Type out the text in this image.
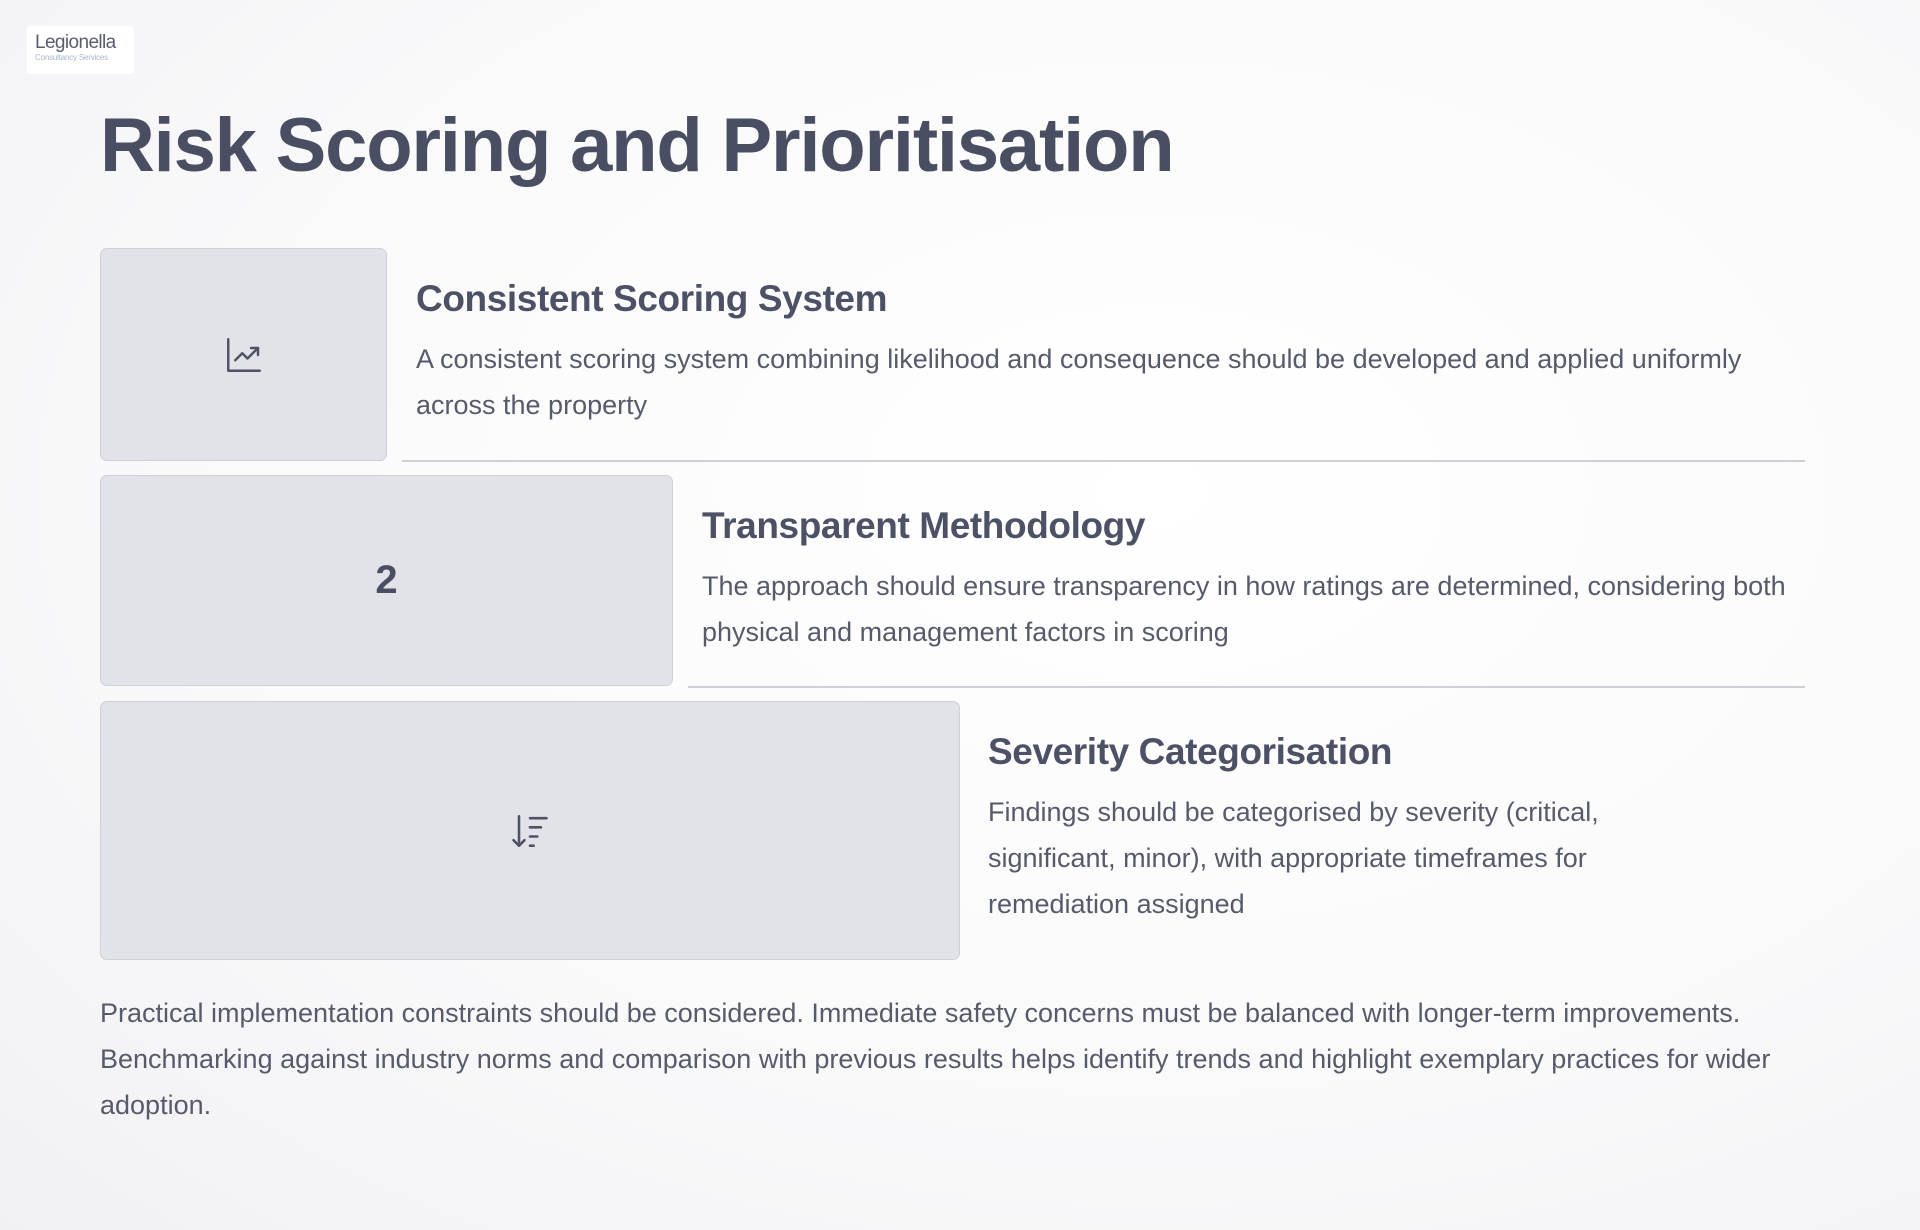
Legionella
Consultancy Services
Risk Scoring and Prioritisation
Consistent Scoring System

A consistent scoring system combining likelihood and consequence should be developed and applied uniformly across the property

2
Transparent Methodology

The approach should ensure transparency in how ratings are determined, considering both physical and management factors in scoring

Severity Categorisation

Findings should be categorised by severity (critical, significant, minor), with appropriate timeframes for remediation assigned

Practical implementation constraints should be considered. Immediate safety concerns must be balanced with longer-term improvements. Benchmarking against industry norms and comparison with previous results helps identify trends and highlight exemplary practices for wider adoption.
